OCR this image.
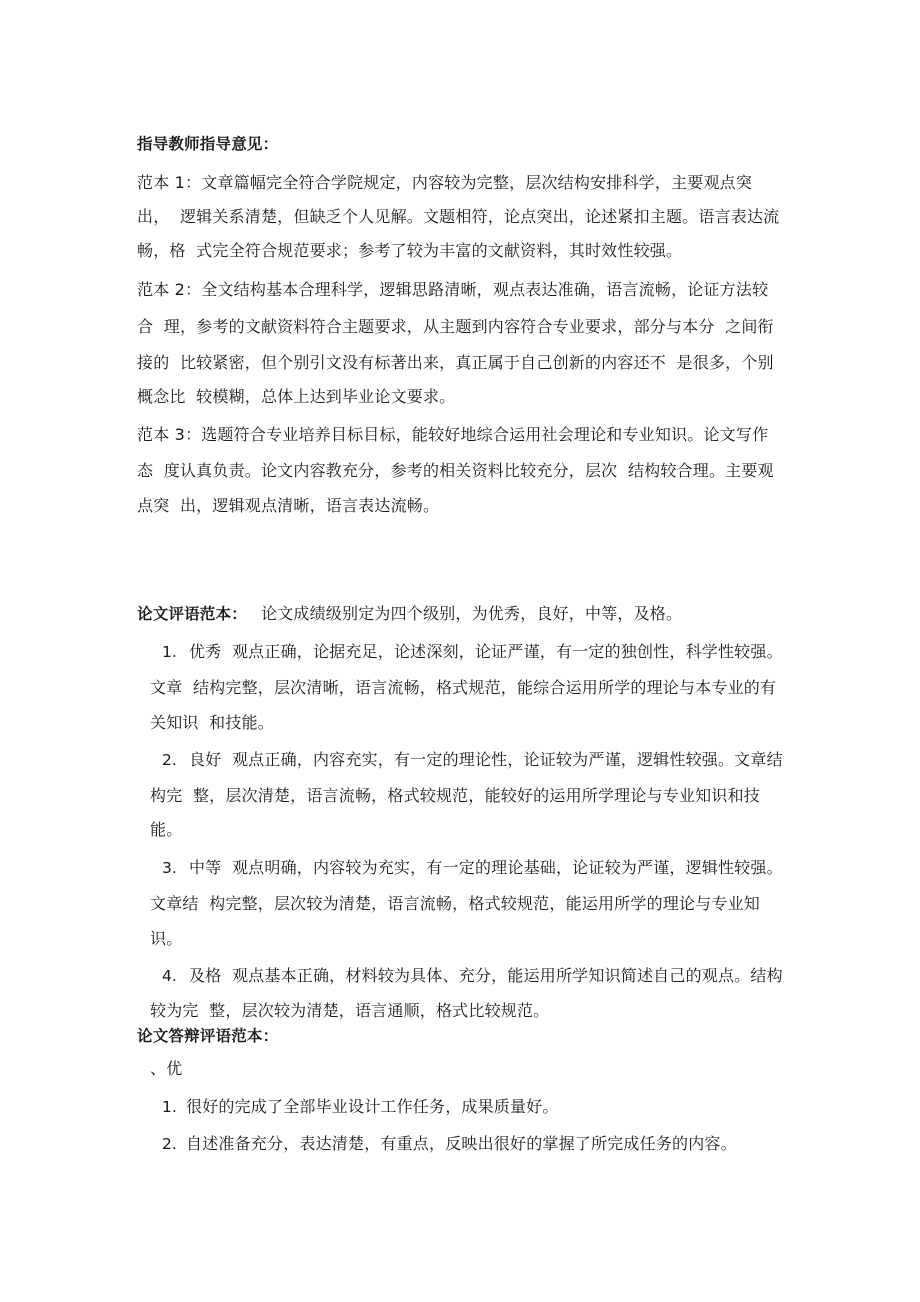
指导教师指导意见：
范本 1：文章篇幅完全符合学院规定，内容较为完整，层次结构安排科学，主要观点突
出，  逻辑关系清楚，但缺乏个人见解。文题相符，论点突出，论述紧扣主题。语言表达流
畅，格  式完全符合规范要求；参考了较为丰富的文献资料，其时效性较强。
范本 2：全文结构基本合理科学，逻辑思路清晰，观点表达准确，语言流畅，论证方法较
合  理，参考的文献资料符合主题要求，从主题到内容符合专业要求，部分与本分  之间衔
接的  比较紧密，但个别引文没有标著出来，真正属于自己创新的内容还不  是很多，个别
概念比  较模糊，总体上达到毕业论文要求。
范本 3：选题符合专业培养目标目标，能较好地综合运用社会理论和专业知识。论文写作
态  度认真负责。论文内容教充分，参考的相关资料比较充分，层次  结构较合理。主要观
点突  出，逻辑观点清晰，语言表达流畅。
论文评语范本： 论文成绩级别定为四个级别，为优秀，良好，中等，及格。
1. 优秀  观点正确，论据充足，论述深刻，论证严谨，有一定的独创性，科学性较强。
文章  结构完整，层次清晰，语言流畅，格式规范，能综合运用所学的理论与本专业的有
关知识  和技能。
2. 良好  观点正确，内容充实，有一定的理论性，论证较为严谨，逻辑性较强。文章结
构完  整，层次清楚，语言流畅，格式较规范，能较好的运用所学理论与专业知识和技
能。
3. 中等  观点明确，内容较为充实，有一定的理论基础，论证较为严谨，逻辑性较强。
文章结  构完整，层次较为清楚，语言流畅，格式较规范，能运用所学的理论与专业知
识。
4. 及格  观点基本正确，材料较为具体、充分，能运用所学知识简述自己的观点。结构
较为完  整，层次较为清楚，语言通顺，格式比较规范。
论文答辩评语范本：
、优
1. 很好的完成了全部毕业设计工作任务，成果质量好。
2. 自述准备充分，表达清楚，有重点，反映出很好的掌握了所完成任务的内容。
